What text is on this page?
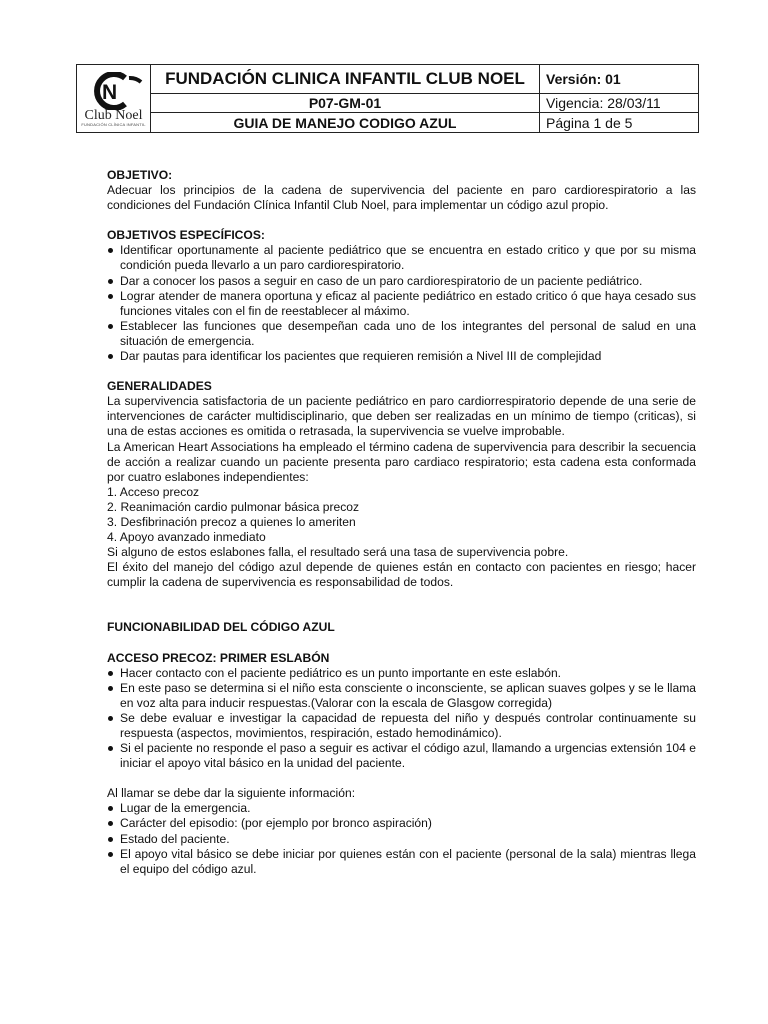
N
Club Noel
FUNDACIÓN CLÍNICA INFANTIL	FUNDACIÓN CLINICA INFANTIL CLUB NOEL	Versión: 01
	P07-GM-01	Vigencia: 28/03/11
	GUIA DE MANEJO CODIGO AZUL	Página 1 de 5

OBJETIVO:

Adecuar los principios de la cadena de supervivencia del paciente en paro cardiorespiratorio a las condiciones del Fundación Clínica Infantil Club Noel, para implementar un código azul propio.

OBJETIVOS ESPECÍFICOS:

Identificar oportunamente al paciente pediátrico que se encuentra en estado critico y que por su misma condición pueda llevarlo a un paro cardiorespiratorio.
Dar a conocer los pasos a seguir en caso de un paro cardiorespiratorio de un paciente pediátrico.
Lograr atender de manera oportuna y eficaz al paciente pediátrico en estado critico ó que haya cesado sus funciones vitales con el fin de reestablecer al máximo.
Establecer las funciones que desempeñan cada uno de los integrantes del personal de salud en una situación de emergencia.
Dar pautas para identificar los pacientes que requieren remisión a Nivel III de complejidad

GENERALIDADES

La supervivencia satisfactoria de un paciente pediátrico en paro cardiorrespiratorio depende de una serie de intervenciones de carácter multidisciplinario, que deben ser realizadas en un mínimo de tiempo (criticas), si una de estas acciones es omitida o retrasada, la supervivencia se vuelve improbable.

La American Heart Associations ha empleado el término cadena de supervivencia para describir la secuencia de acción a realizar cuando un paciente presenta paro cardiaco respiratorio; esta cadena esta conformada por cuatro eslabones independientes:

1. Acceso precoz

2. Reanimación cardio pulmonar básica precoz

3. Desfibrinación precoz a quienes lo ameriten

4. Apoyo avanzado inmediato

Si alguno de estos eslabones falla, el resultado será una tasa de supervivencia pobre.

El éxito del manejo del código azul depende de quienes están en contacto con pacientes en riesgo; hacer cumplir la cadena de supervivencia es responsabilidad de todos.

FUNCIONABILIDAD DEL CÓDIGO AZUL

ACCESO PRECOZ: PRIMER ESLABÓN

Hacer contacto con el paciente pediátrico es un punto importante en este eslabón.
En este paso se determina si el niño esta consciente o inconsciente, se aplican suaves golpes y se le llama en voz alta para inducir respuestas.(Valorar con la escala de Glasgow corregida)
Se debe evaluar e investigar la capacidad de repuesta del niño y después controlar continuamente su respuesta (aspectos, movimientos, respiración, estado hemodinámico).
Si el paciente no responde el paso a seguir es activar el código azul, llamando a urgencias extensión 104 e iniciar el apoyo vital básico en la unidad del paciente.

Al llamar se debe dar la siguiente información:

Lugar de la emergencia.
Carácter del episodio: (por ejemplo por bronco aspiración)
Estado del paciente.
El apoyo vital básico se debe iniciar por quienes están con el paciente (personal de la sala) mientras llega el equipo del código azul.
